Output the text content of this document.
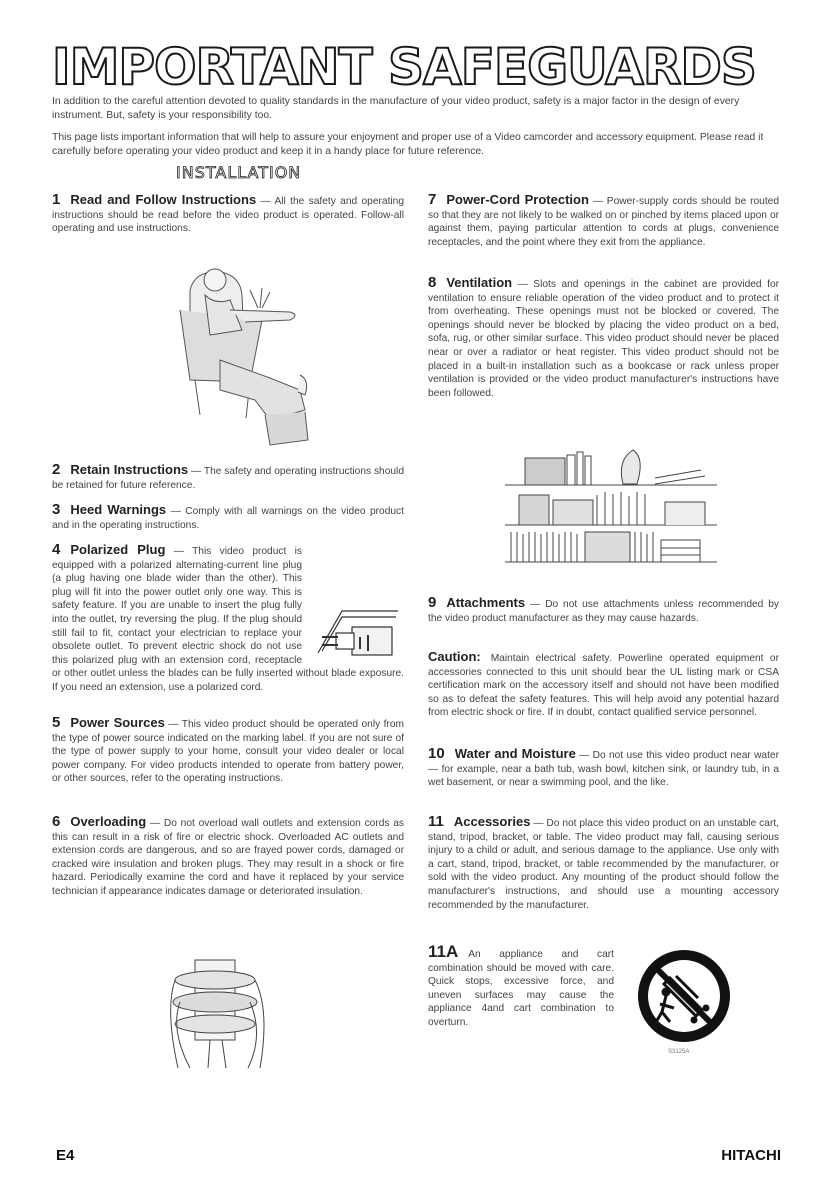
IMPORTANT SAFEGUARDS

In addition to the careful attention devoted to quality standards in the manufacture of your video product, safety is a major factor in the design of every instrument. But, safety is your responsibility too.

This page lists important information that will help to assure your enjoyment and proper use of a Video camcorder and accessory equipment. Please read it carefully before operating your video product and keep it in a handy place for future reference.

INSTALLATION

1 Read and Follow Instructions — All the safety and operating instructions should be read before the video product is operated. Follow-all operating and use instructions.

2 Retain Instructions — The safety and operating instructions should be retained for future reference.

3 Heed Warnings — Comply with all warnings on the video product and in the operating instructions.

4 Polarized Plug — This video product is equipped with a polarized alternating-current line plug (a plug having one blade wider than the other). This plug will fit into the power outlet only one way. This is safety feature. If you are unable to insert the plug fully into the outlet, try reversing the plug. If the plug should still fail to fit, contact your electrician to replace your obsolete outlet. To prevent electric shock do not use this polarized plug with an extension cord, receptacle or other outlet unless the blades can be fully inserted without blade exposure. If you need an extension, use a polarized cord.

5 Power Sources — This video product should be operated only from the type of power source indicated on the marking label. If you are not sure of the type of power supply to your home, consult your video dealer or local power company. For video products intended to operate from battery power, or other sources, refer to the operating instructions.

6 Overloading — Do not overload wall outlets and extension cords as this can result in a risk of fire or electric shock. Overloaded AC outlets and extension cords are dangerous, and so are frayed power cords, damaged or cracked wire insulation and broken plugs. They may result in a shock or fire hazard. Periodically examine the cord and have it replaced by your service technician if appearance indicates damage or deteriorated insulation.

7 Power-Cord Protection — Power-supply cords should be routed so that they are not likely to be walked on or pinched by items placed upon or against them, paying particular attention to cords at plugs, convenience receptacles, and the point where they exit from the appliance.

8 Ventilation — Slots and openings in the cabinet are provided for ventilation to ensure reliable operation of the video product and to protect it from overheating. These openings must not be blocked or covered. The openings should never be blocked by placing the video product on a bed, sofa, rug, or other similar surface. This video product should never be placed near or over a radiator or heat register. This video product should not be placed in a built-in installation such as a bookcase or rack unless proper ventilation is provided or the video product manufacturer's instructions have been followed.

9 Attachments — Do not use attachments unless recommended by the video product manufacturer as they may cause hazards.

Caution: Maintain electrical safety. Powerline operated equipment or accessories connected to this unit should bear the UL listing mark or CSA certification mark on the accessory itself and should not have been modified so as to defeat the safety features. This will help avoid any potential hazard from electric shock or fire. If in doubt, contact qualified service personnel.

10 Water and Moisture — Do not use this video product near water — for example, near a bath tub, wash bowl, kitchen sink, or laundry tub, in a wet basement, or near a swimming pool, and the like.

11 Accessories — Do not place this video product on an unstable cart, stand, tripod, bracket, or table. The video product may fall, causing serious injury to a child or adult, and serious damage to the appliance. Use only with a cart, stand, tripod, bracket, or table recommended by the manufacturer, or sold with the video product. Any mounting of the product should follow the manufacturer's instructions, and should use a mounting accessory recommended by the manufacturer.

11A An appliance and cart combination should be moved with care. Quick stops, excessive force, and uneven surfaces may cause the appliance 4and cart combination to overturn.

S3125A
E4	HITACHI
